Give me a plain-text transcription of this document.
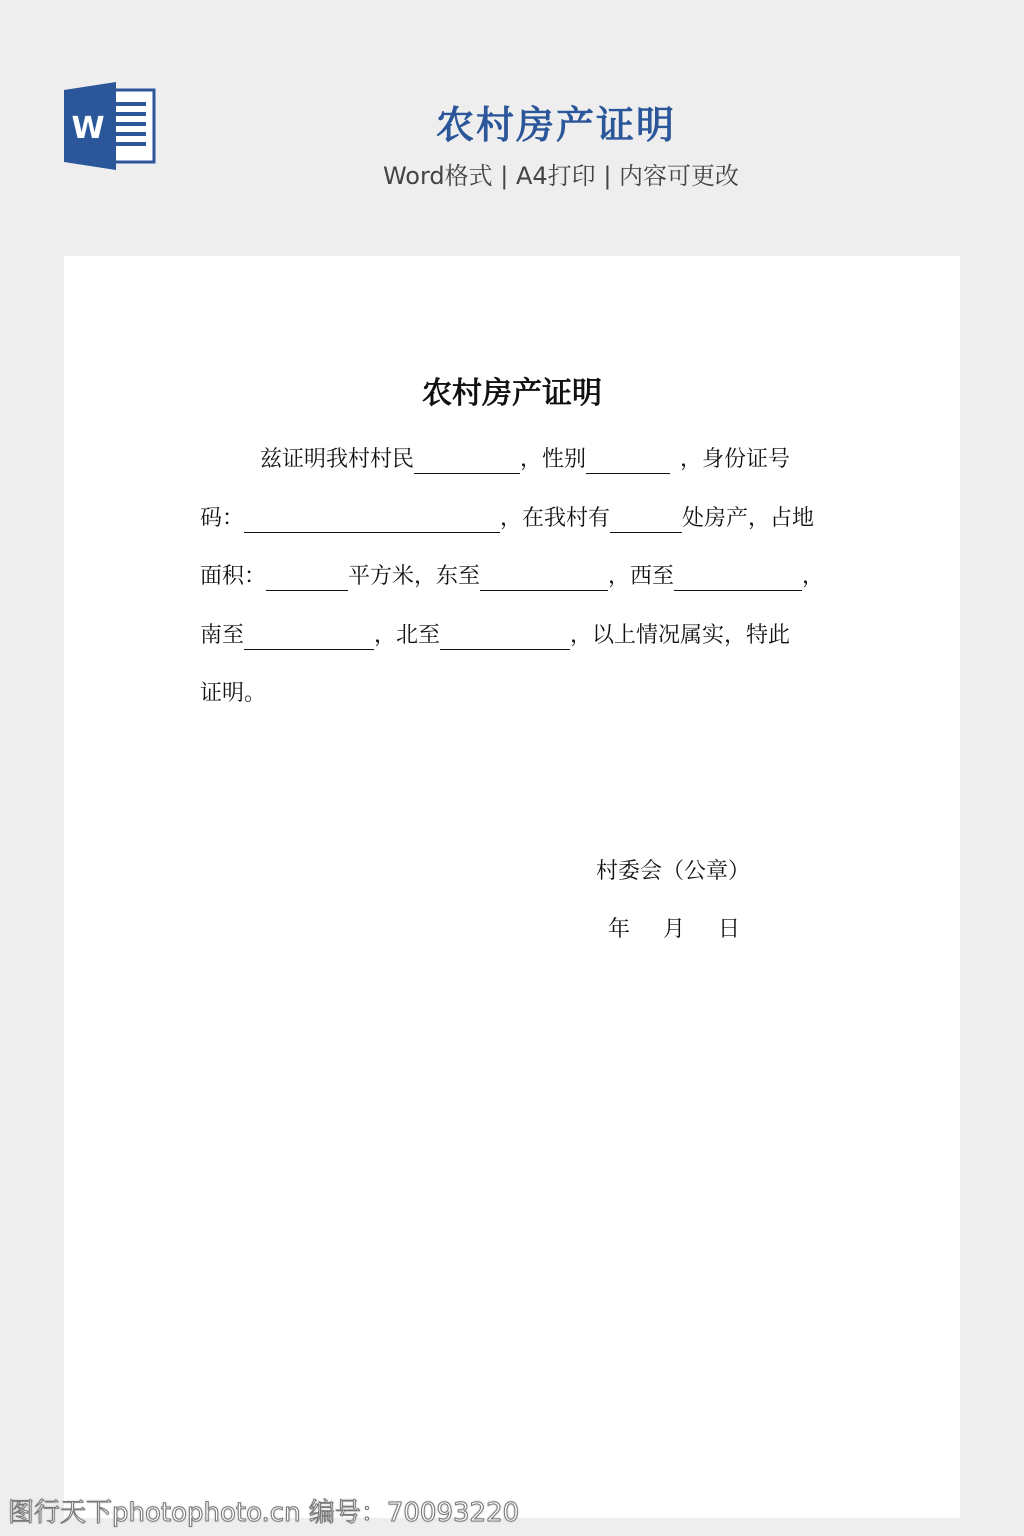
W	农村房产证明
Word格式 | A4打印 | 内容可更改
农村房产证明
兹证明我村村民	，性别	，身份证号
码：	，在我村有	处房产，占地
面积：	平方米，东至	，西至	，
南至	，北至	，以上情况属实，特此
证明。
村委会（公章）
年 月 日
图行天下photophoto.cn 编号：70093220
